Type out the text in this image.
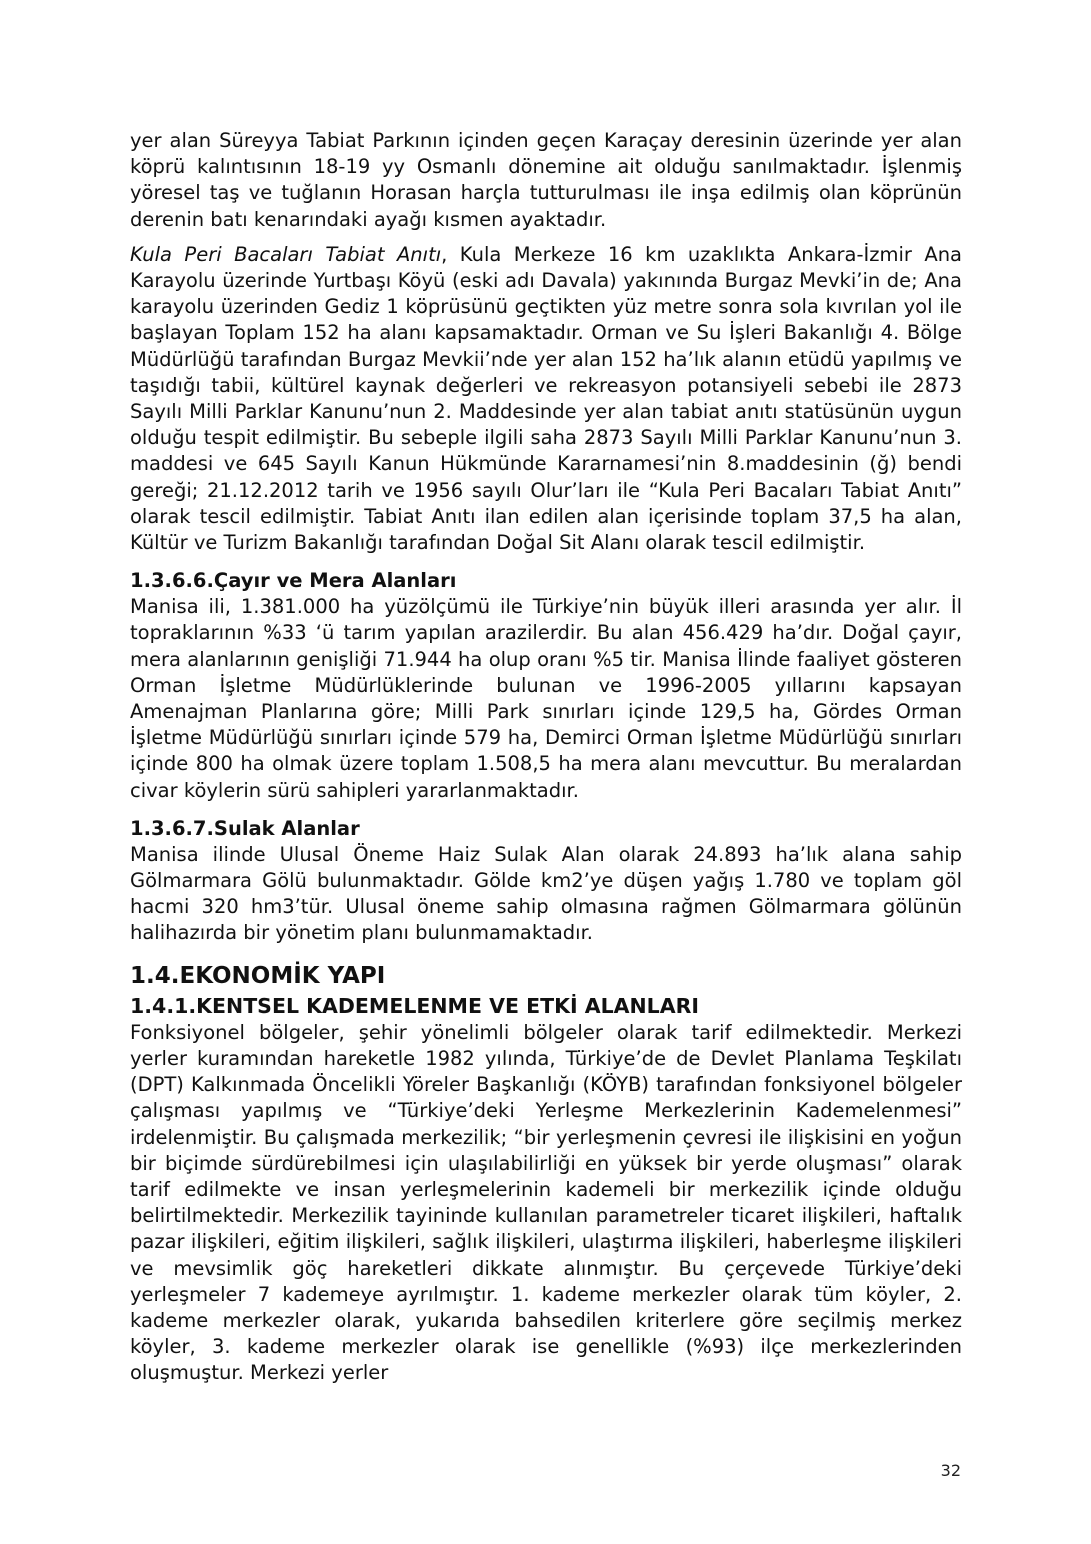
yer alan Süreyya Tabiat Parkının içinden geçen Karaçay deresinin üzerinde yer alan köprü kalıntısının 18-19 yy Osmanlı dönemine ait olduğu sanılmaktadır. İşlenmiş yöresel taş ve tuğlanın Horasan harçla tutturulması ile inşa edilmiş olan köprünün derenin batı kenarındaki ayağı kısmen ayaktadır.

Kula Peri Bacaları Tabiat Anıtı, Kula Merkeze 16 km uzaklıkta Ankara-İzmir Ana Karayolu üzerinde Yurtbaşı Köyü (eski adı Davala) yakınında Burgaz Mevki’in de; Ana karayolu üzerinden Gediz 1 köprüsünü geçtikten yüz metre sonra sola kıvrılan yol ile başlayan Toplam 152 ha alanı kapsamaktadır. Orman ve Su İşleri Bakanlığı 4. Bölge Müdürlüğü tarafından Burgaz Mevkii’nde yer alan 152 ha’lık alanın etüdü yapılmış ve taşıdığı tabii, kültürel kaynak değerleri ve rekreasyon potansiyeli sebebi ile 2873 Sayılı Milli Parklar Kanunu’nun 2. Maddesinde yer alan tabiat anıtı statüsünün uygun olduğu tespit edilmiştir. Bu sebeple ilgili saha 2873 Sayılı Milli Parklar Kanunu’nun 3. maddesi ve 645 Sayılı Kanun Hükmünde Kararnamesi’nin 8.maddesinin (ğ) bendi gereği; 21.12.2012 tarih ve 1956 sayılı Olur’ları ile “Kula Peri Bacaları Tabiat Anıtı” olarak tescil edilmiştir. Tabiat Anıtı ilan edilen alan içerisinde toplam 37,5 ha alan, Kültür ve Turizm Bakanlığı tarafından Doğal Sit Alanı olarak tescil edilmiştir.

1.3.6.6.Çayır ve Mera Alanları

Manisa ili, 1.381.000 ha yüzölçümü ile Türkiye’nin büyük illeri arasında yer alır. İl topraklarının %33 ‘ü tarım yapılan arazilerdir. Bu alan 456.429 ha’dır. Doğal çayır, mera alanlarının genişliği 71.944 ha olup oranı %5 tir. Manisa İlinde faaliyet gösteren Orman İşletme Müdürlüklerinde bulunan ve 1996-2005 yıllarını kapsayan Amenajman Planlarına göre; Milli Park sınırları içinde 129,5 ha, Gördes Orman İşletme Müdürlüğü sınırları içinde 579 ha, Demirci Orman İşletme Müdürlüğü sınırları içinde 800 ha olmak üzere toplam 1.508,5 ha mera alanı mevcuttur. Bu meralardan civar köylerin sürü sahipleri yararlanmaktadır.

1.3.6.7.Sulak Alanlar

Manisa ilinde Ulusal Öneme Haiz Sulak Alan olarak 24.893 ha’lık alana sahip Gölmarmara Gölü bulunmaktadır. Gölde km2’ye düşen yağış 1.780 ve toplam göl hacmi 320 hm3’tür. Ulusal öneme sahip olmasına rağmen Gölmarmara gölünün halihazırda bir yönetim planı bulunmamaktadır.

1.4.EKONOMİK YAPI
1.4.1.KENTSEL KADEMELENME VE ETKİ ALANLARI

Fonksiyonel bölgeler, şehir yönelimli bölgeler olarak tarif edilmektedir. Merkezi yerler kuramından hareketle 1982 yılında, Türkiye’de de Devlet Planlama Teşkilatı (DPT) Kalkınmada Öncelikli Yöreler Başkanlığı (KÖYB) tarafından fonksiyonel bölgeler çalışması yapılmış ve “Türkiye’deki Yerleşme Merkezlerinin Kademelenmesi” irdelenmiştir. Bu çalışmada merkezilik; “bir yerleşmenin çevresi ile ilişkisini en yoğun bir biçimde sürdürebilmesi için ulaşılabilirliği en yüksek bir yerde oluşması” olarak tarif edilmekte ve insan yerleşmelerinin kademeli bir merkezilik içinde olduğu belirtilmektedir. Merkezilik tayininde kullanılan parametreler ticaret ilişkileri, haftalık pazar ilişkileri, eğitim ilişkileri, sağlık ilişkileri, ulaştırma ilişkileri, haberleşme ilişkileri ve mevsimlik göç hareketleri dikkate alınmıştır. Bu çerçevede Türkiye’deki yerleşmeler 7 kademeye ayrılmıştır. 1. kademe merkezler olarak tüm köyler, 2. kademe merkezler olarak, yukarıda bahsedilen kriterlere göre seçilmiş merkez köyler, 3. kademe merkezler olarak ise genellikle (%93) ilçe merkezlerinden oluşmuştur. Merkezi yerler

32
